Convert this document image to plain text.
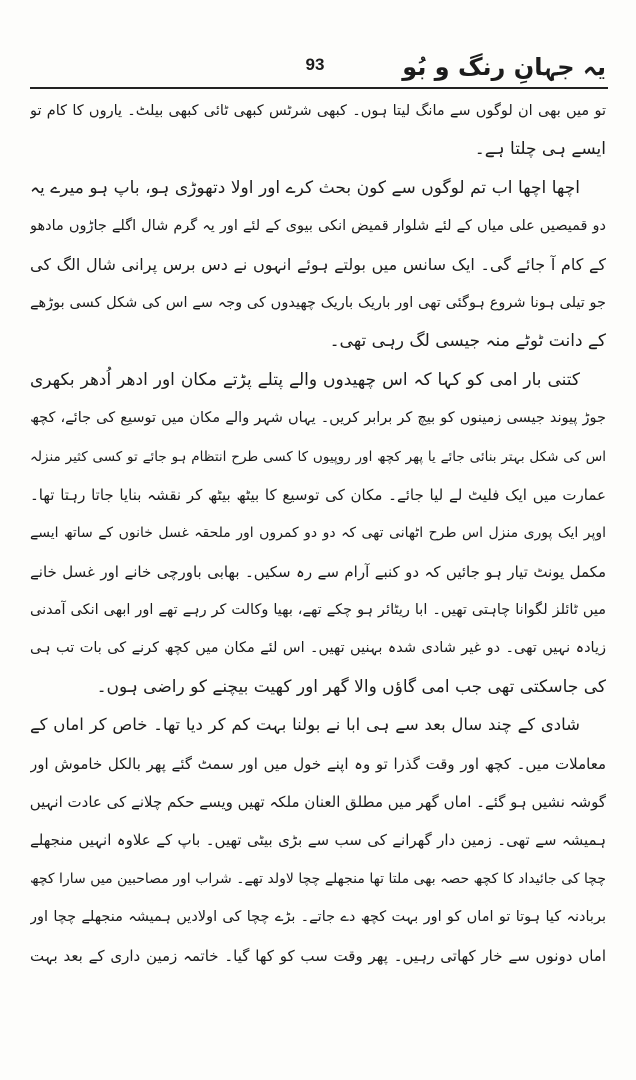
یہ جہانِ رنگ و بُو
93
تو میں بھی ان لوگوں سے مانگ لیتا ہوں۔ کبھی شرٹس کبھی ٹائی کبھی بیلٹ۔ یاروں کا کام تو
ایسے ہی چلتا ہے۔
اچھا اچھا اب تم لوگوں سے کون بحث کرے اور اولا دتھوڑی ہو، باپ ہو میرے یہ
دو قمیصیں علی میاں کے لئے شلوار قمیض انکی بیوی کے لئے اور یہ گرم شال اگلے جاڑوں مادھو
کے کام آ جائے گی۔ ایک سانس میں بولتے ہوئے انہوں نے دس برس پرانی شال الگ کی
جو تیلی ہونا شروع ہوگئی تھی اور باریک باریک چھیدوں کی وجہ سے اس کی شکل کسی بوڑھے
کے دانت ٹوٹے منہ جیسی لگ رہی تھی۔
کتنی بار امی کو کہا کہ اس چھیدوں والے پتلے پڑتے مکان اور ادھر اُدھر بکھری
جوڑ پیوند جیسی زمینوں کو بیچ کر برابر کریں۔ یہاں شہر والے مکان میں توسیع کی جائے، کچھ
اس کی شکل بہتر بنائی جائے یا پھر کچھ اور روپیوں کا کسی طرح انتظام ہو جائے تو کسی کثیر منزلہ
عمارت میں ایک فلیٹ لے لیا جائے۔ مکان کی توسیع کا بیٹھ بیٹھ کر نقشہ بنایا جاتا رہتا تھا۔
اوپر ایک پوری منزل اس طرح اٹھانی تھی کہ دو دو کمروں اور ملحقہ غسل خانوں کے ساتھ ایسے
مکمل یونٹ تیار ہو جائیں کہ دو کنبے آرام سے رہ سکیں۔ بھابی باورچی خانے اور غسل خانے
میں ٹائلز لگوانا چاہتی تھیں۔ ابا ریٹائر ہو چکے تھے، بھیا وکالت کر رہے تھے اور ابھی انکی آمدنی
زیادہ نہیں تھی۔ دو غیر شادی شدہ بہنیں تھیں۔ اس لئے مکان میں کچھ کرنے کی بات تب ہی
کی جاسکتی تھی جب امی گاؤں والا گھر اور کھیت بیچنے کو راضی ہوں۔
شادی کے چند سال بعد سے ہی ابا نے بولنا بہت کم کر دیا تھا۔ خاص کر اماں کے
معاملات میں۔ کچھ اور وقت گذرا تو وہ اپنے خول میں اور سمٹ گئے پھر بالکل خاموش اور
گوشہ نشیں ہو گئے۔ اماں گھر میں مطلق العنان ملکہ تھیں ویسے حکم چلانے کی عادت انہیں
ہمیشہ سے تھی۔ زمین دار گھرانے کی سب سے بڑی بیٹی تھیں۔ باپ کے علاوہ انہیں منجھلے
چچا کی جائیداد کا کچھ حصہ بھی ملتا تھا منجھلے چچا لاولد تھے۔ شراب اور مصاحبین میں سارا کچھ
بربادنہ کیا ہوتا تو اماں کو اور بہت کچھ دے جاتے۔ بڑے چچا کی اولادیں ہمیشہ منجھلے چچا اور
اماں دونوں سے خار کھاتی رہیں۔ پھر وقت سب کو کھا گیا۔ خاتمہ زمین داری کے بعد بہت
